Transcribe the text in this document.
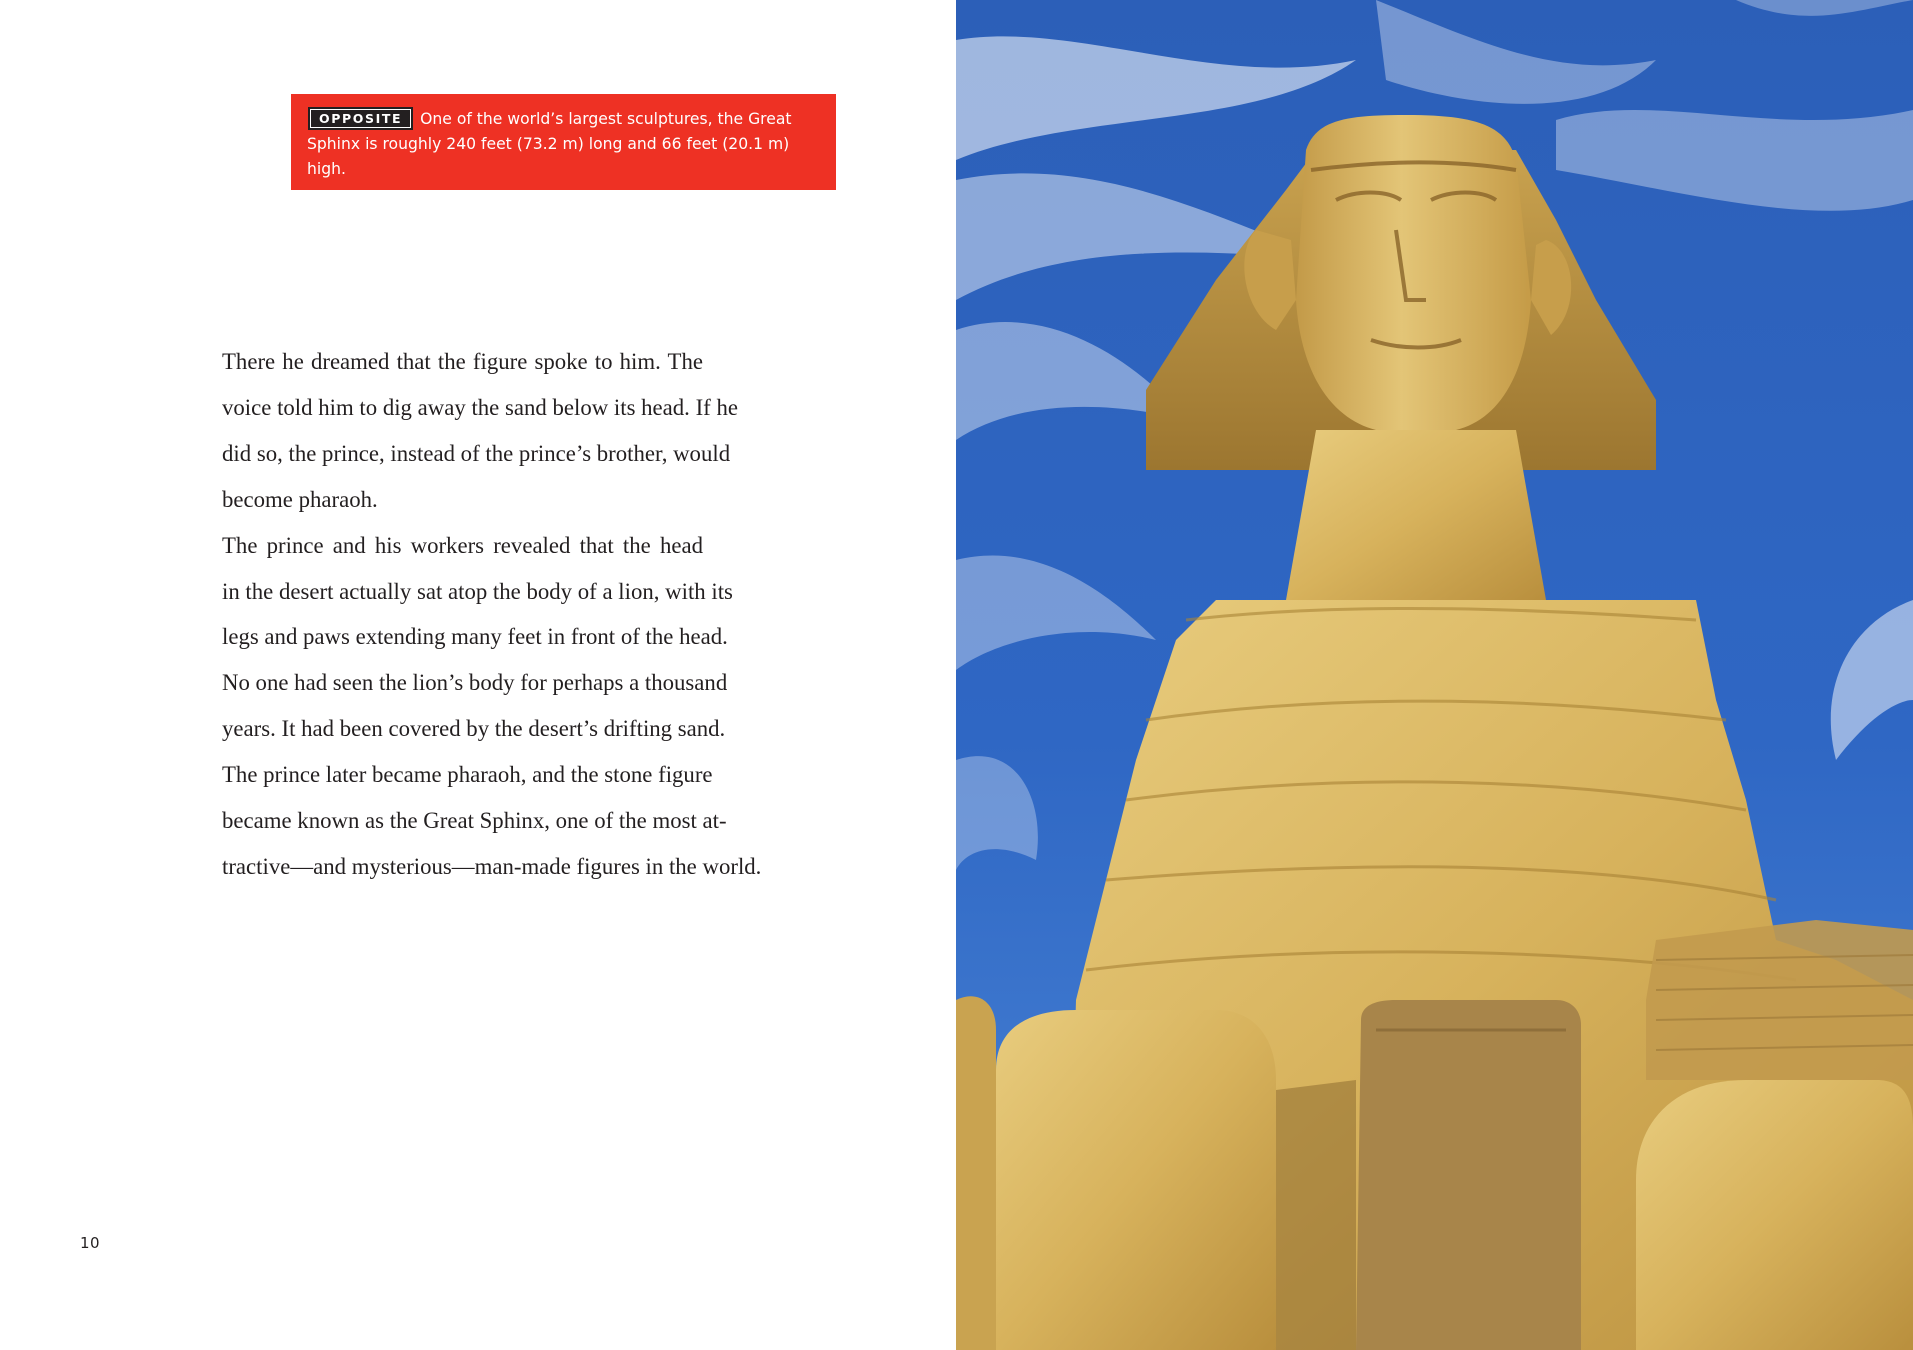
OPPOSITE One of the world’s largest sculptures, the Great Sphinx is roughly 240 feet (73.2 m) long and 66 feet (20.1 m) high.

There he dreamed that the figure spoke to him. The
voice told him to dig away the sand below its head. If he
did so, the prince, instead of the prince’s brother, would
become pharaoh.

The prince and his workers revealed that the head
in the desert actually sat atop the body of a lion, with its
legs and paws extending many feet in front of the head.
No one had seen the lion’s body for perhaps a thousand
years. It had been covered by the desert’s drifting sand.
The prince later became pharaoh, and the stone figure
became known as the Great Sphinx, one of the most at-
tractive—and mysterious—man-made figures in the world.

10
